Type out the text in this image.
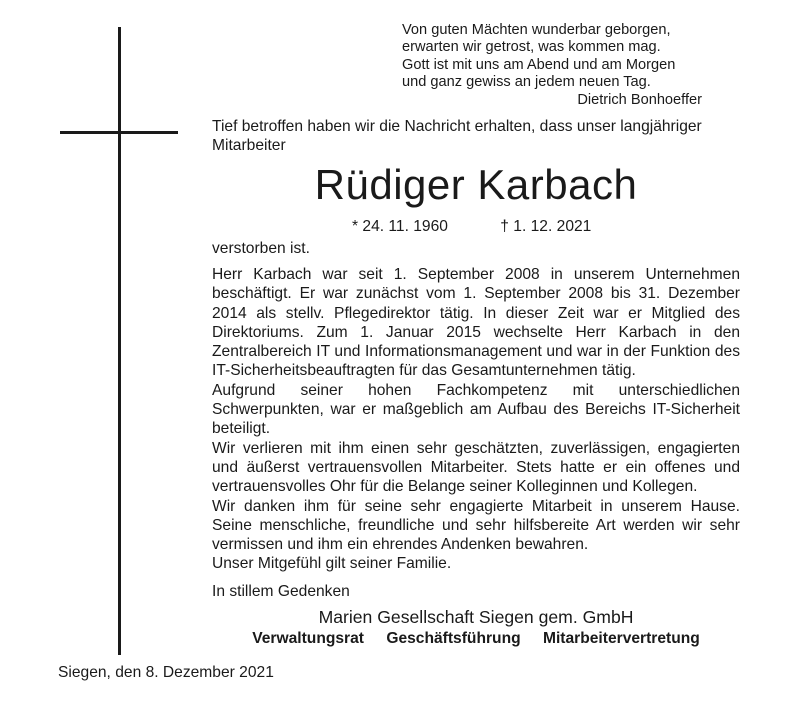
Von guten Mächten wunderbar geborgen,
erwarten wir getrost, was kommen mag.
Gott ist mit uns am Abend und am Morgen
und ganz gewiss an jedem neuen Tag.
Dietrich Bonhoeffer
Tief betroffen haben wir die Nachricht erhalten, dass unser langjähriger Mitarbeiter
Rüdiger Karbach
* 24. 11. 1960	† 1. 12. 2021
verstorben ist.

Herr Karbach war seit 1. September 2008 in unserem Unternehmen beschäftigt. Er war zunächst vom 1. September 2008 bis 31. Dezember 2014 als stellv. Pflegedirektor tätig. In dieser Zeit war er Mitglied des Direktoriums. Zum 1. Januar 2015 wechselte Herr Karbach in den Zentralbereich IT und Informationsmanagement und war in der Funktion des IT-Sicherheitsbeauftragten für das Gesamtunternehmen tätig.

Aufgrund seiner hohen Fachkompetenz mit unterschiedlichen Schwerpunkten, war er maßgeblich am Aufbau des Bereichs IT-Sicherheit beteiligt.

Wir verlieren mit ihm einen sehr geschätzten, zuverlässigen, engagierten und äußerst vertrauensvollen Mitarbeiter. Stets hatte er ein offenes und vertrauensvolles Ohr für die Belange seiner Kolleginnen und Kollegen.

Wir danken ihm für seine sehr engagierte Mitarbeit in unserem Hause. Seine menschliche, freundliche und sehr hilfsbereite Art werden wir sehr vermissen und ihm ein ehrendes Andenken bewahren.

Unser Mitgefühl gilt seiner Familie.

In stillem Gedenken
Marien Gesellschaft Siegen gem. GmbH
Verwaltungsrat Geschäftsführung Mitarbeitervertretung
Siegen, den 8. Dezember 2021
